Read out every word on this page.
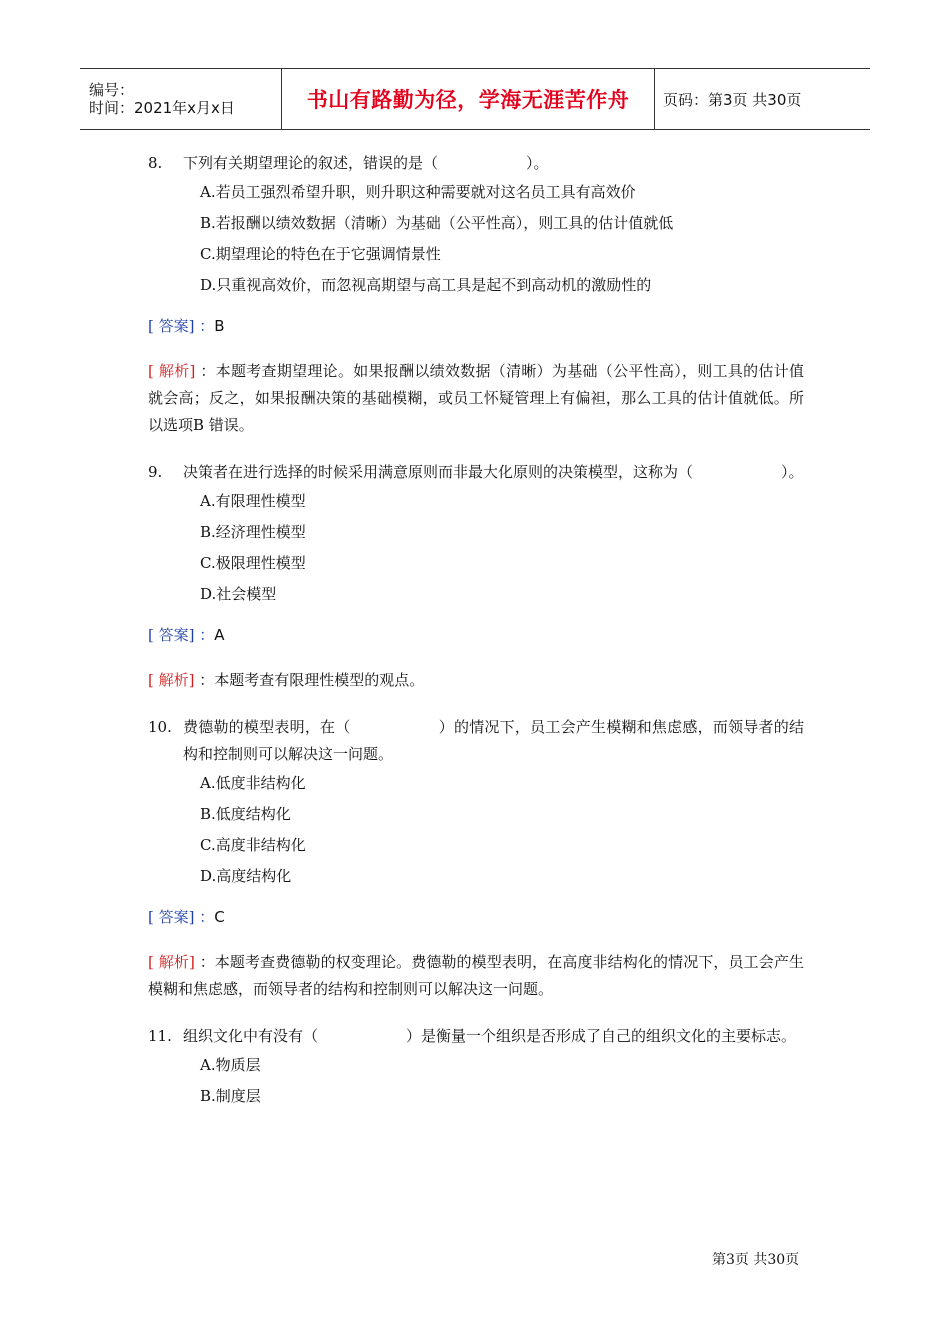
编号：
时间：2021年x月x日	书山有路勤为径，学海无涯苦作舟 页码：第3页 共30页
8. 下列有关期望理论的叙述，错误的是（	）。
A.若员工强烈希望升职，则升职这种需要就对这名员工具有高效价
B.若报酬以绩效数据（清晰）为基础（公平性高），则工具的估计值就低
C.期望理论的特色在于它强调情景性
D.只重视高效价，而忽视高期望与高工具是起不到高动机的激励性的
[ 答案] ：B
[ 解析] ：本题考查期望理论。如果报酬以绩效数据（清晰）为基础（公平性高），则工具的估计值就会高；反之，如果报酬决策的基础模糊，或员工怀疑管理上有偏袒，那么工具的估计值就低。所以选项B 错误。
9. 决策者在进行选择的时候采用满意原则而非最大化原则的决策模型，这称为（	）。
A.有限理性模型
B.经济理性模型
C.极限理性模型
D.社会模型
[ 答案] ：A
[ 解析] ：本题考查有限理性模型的观点。
10. 费德勒的模型表明，在（	）的情况下，员工会产生模糊和焦虑感，而领导者的结构和控制则可以解决这一问题。
A.低度非结构化
B.低度结构化
C.高度非结构化
D.高度结构化
[ 答案] ：C
[ 解析] ：本题考查费德勒的权变理论。费德勒的模型表明，在高度非结构化的情况下，员工会产生模糊和焦虑感，而领导者的结构和控制则可以解决这一问题。
11. 组织文化中有没有（	）是衡量一个组织是否形成了自己的组织文化的主要标志。
A.物质层
B.制度层
第3页 共30页
